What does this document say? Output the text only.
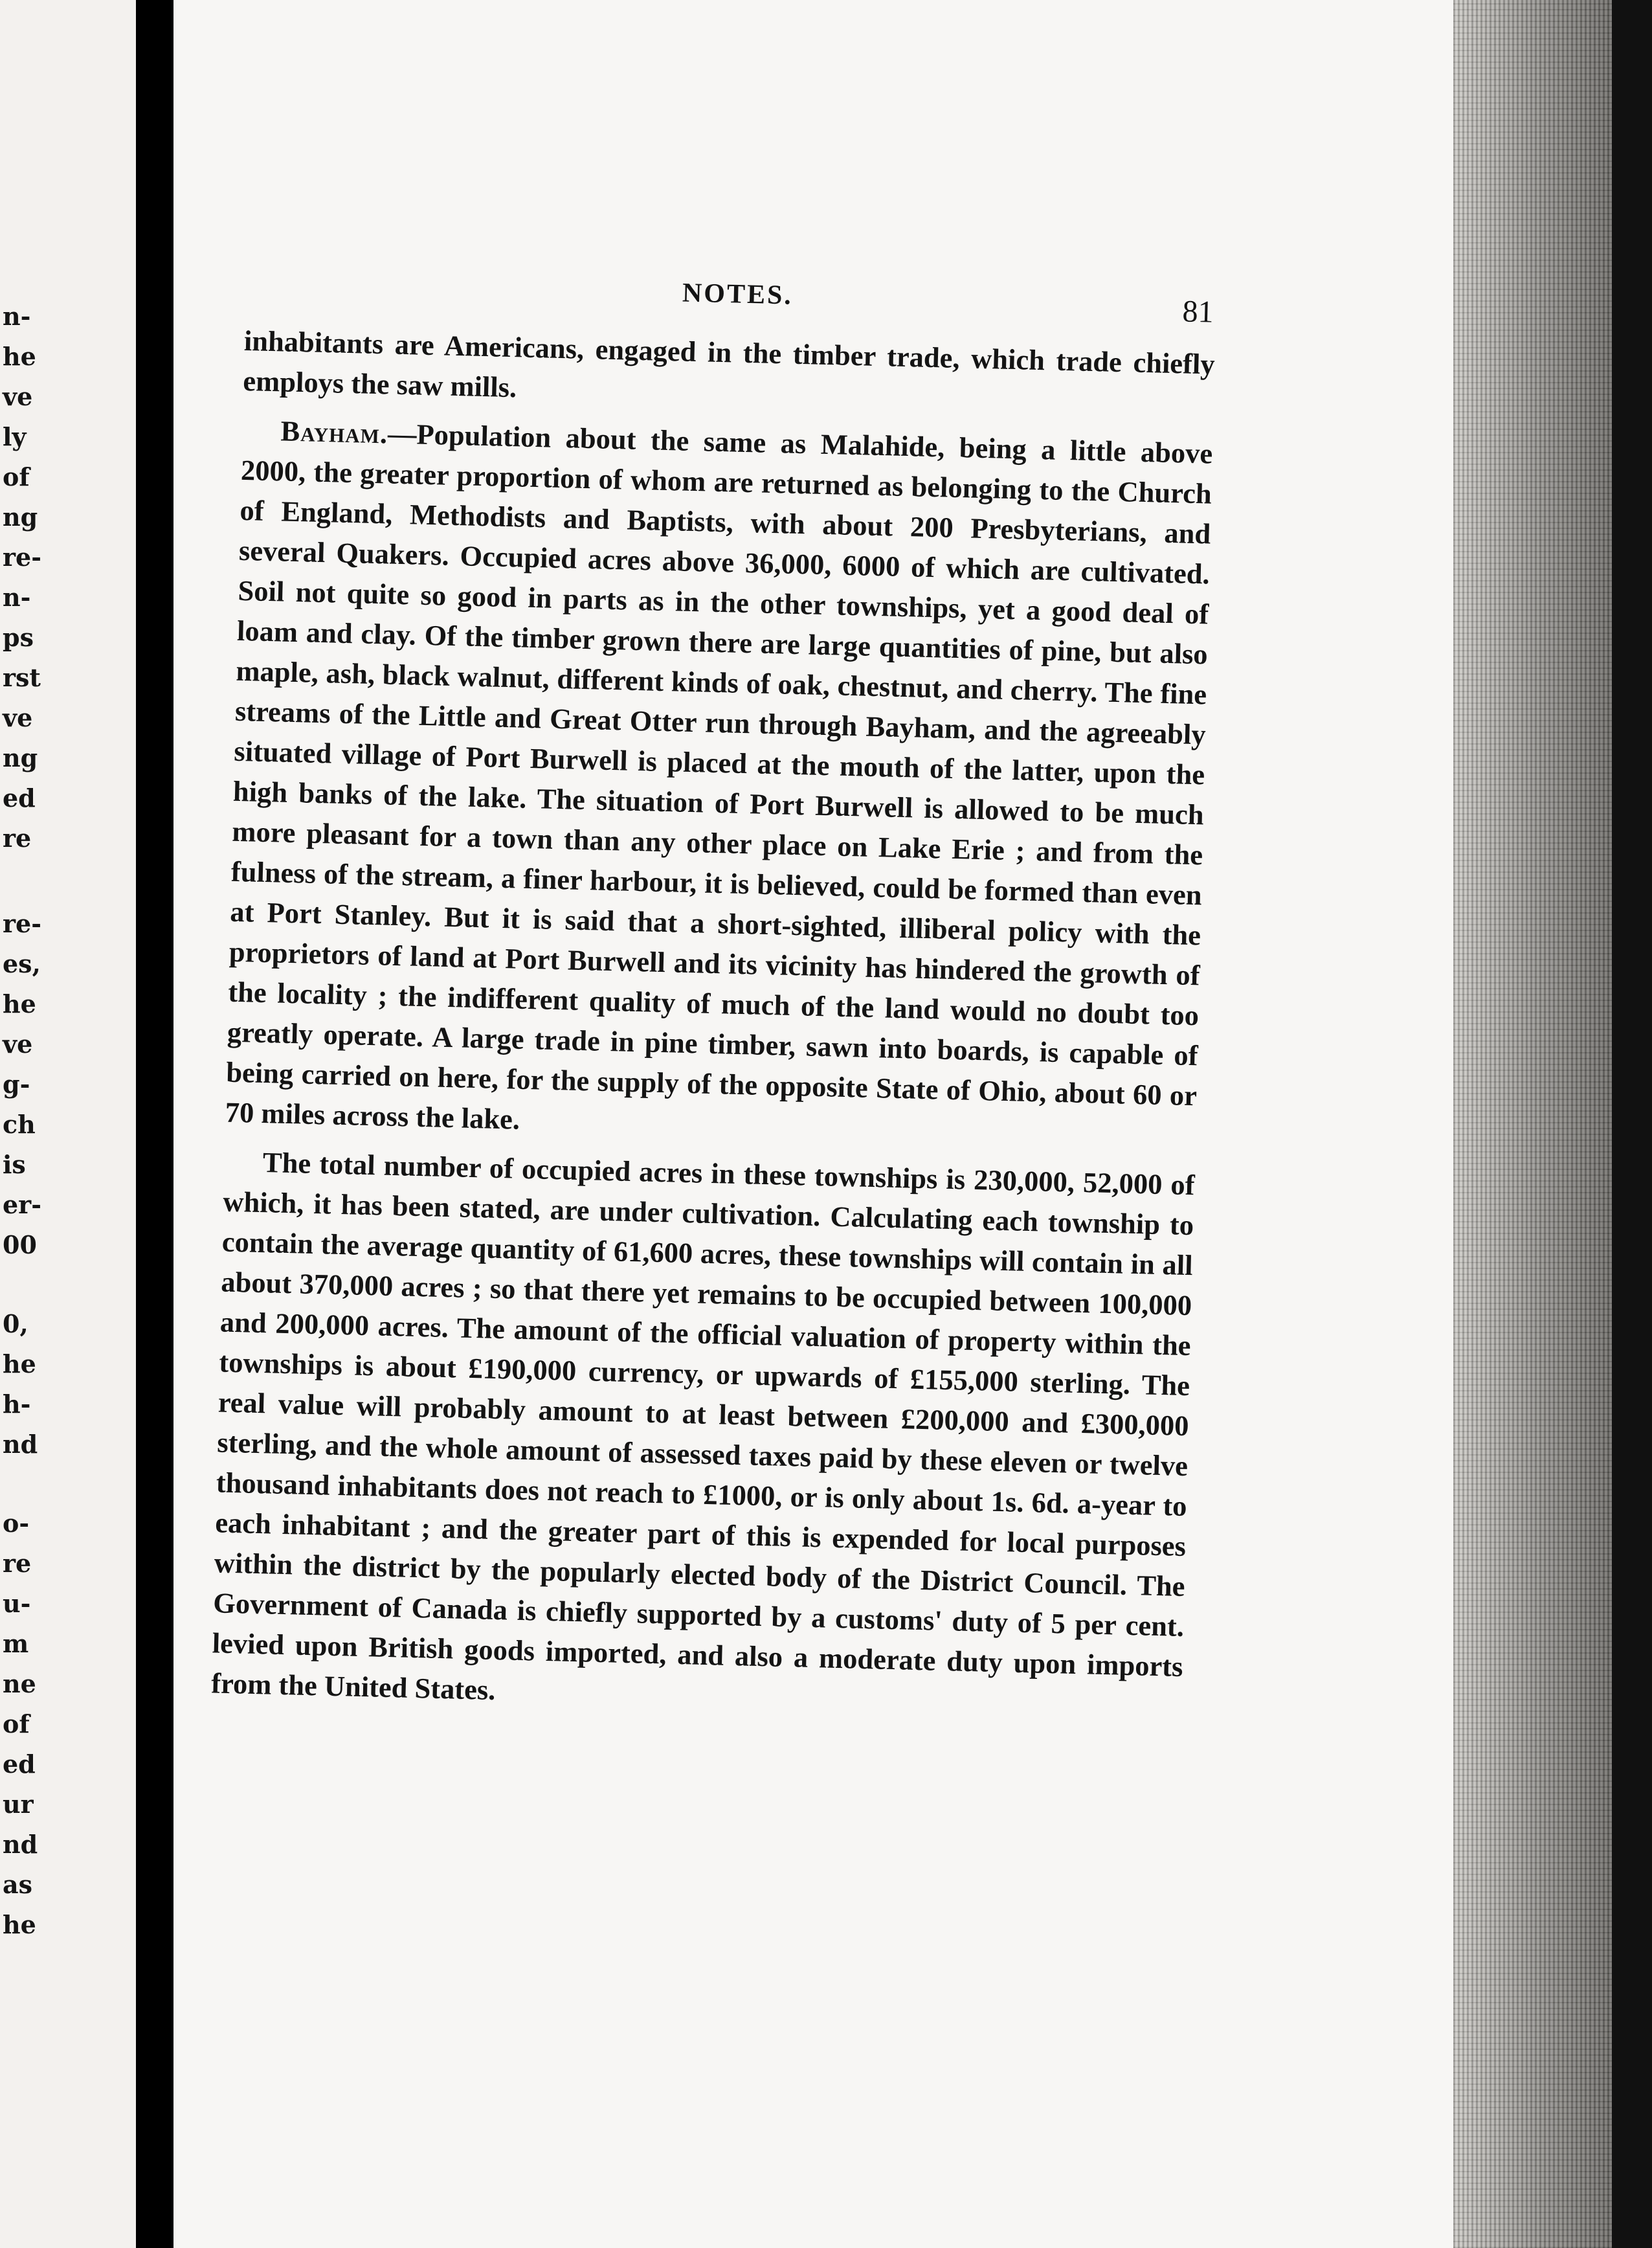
n-
he
ve
ly
of
ng
re-
n-
ps
rst
ve
ng
ed
re
re-
es,
he
ve
g-
ch
is
er-
00
0,
he
h-
nd
o-
re
u-
m
ne
of
ed
ur
nd
as
he
NOTES.	81

inhabitants are Americans, engaged in the timber trade, which trade chiefly employs the saw mills.

Bayham.—Population about the same as Malahide, being a little above 2000, the greater proportion of whom are returned as belonging to the Church of England, Methodists and Baptists, with about 200 Presbyterians, and several Quakers. Occupied acres above 36,000, 6000 of which are cultivated. Soil not quite so good in parts as in the other townships, yet a good deal of loam and clay. Of the timber grown there are large quantities of pine, but also maple, ash, black walnut, different kinds of oak, chestnut, and cherry. The fine streams of the Little and Great Otter run through Bayham, and the agreeably situated village of Port Burwell is placed at the mouth of the latter, upon the high banks of the lake. The situation of Port Burwell is allowed to be much more pleasant for a town than any other place on Lake Erie ; and from the fulness of the stream, a finer harbour, it is believed, could be formed than even at Port Stanley. But it is said that a short-sighted, illiberal policy with the proprietors of land at Port Burwell and its vicinity has hindered the growth of the locality ; the indifferent quality of much of the land would no doubt too greatly operate. A large trade in pine timber, sawn into boards, is capable of being carried on here, for the supply of the opposite State of Ohio, about 60 or 70 miles across the lake.

The total number of occupied acres in these townships is 230,000, 52,000 of which, it has been stated, are under cultivation. Calculating each township to contain the average quantity of 61,600 acres, these townships will contain in all about 370,000 acres ; so that there yet remains to be occupied between 100,000 and 200,000 acres. The amount of the official valuation of property within the townships is about £190,000 currency, or upwards of £155,000 sterling. The real value will probably amount to at least between £200,000 and £300,000 sterling, and the whole amount of assessed taxes paid by these eleven or twelve thousand inhabitants does not reach to £1000, or is only about 1s. 6d. a-year to each inhabitant ; and the greater part of this is expended for local purposes within the district by the popularly elected body of the District Council. The Government of Canada is chiefly supported by a customs' duty of 5 per cent. levied upon British goods imported, and also a moderate duty upon imports from the United States.
